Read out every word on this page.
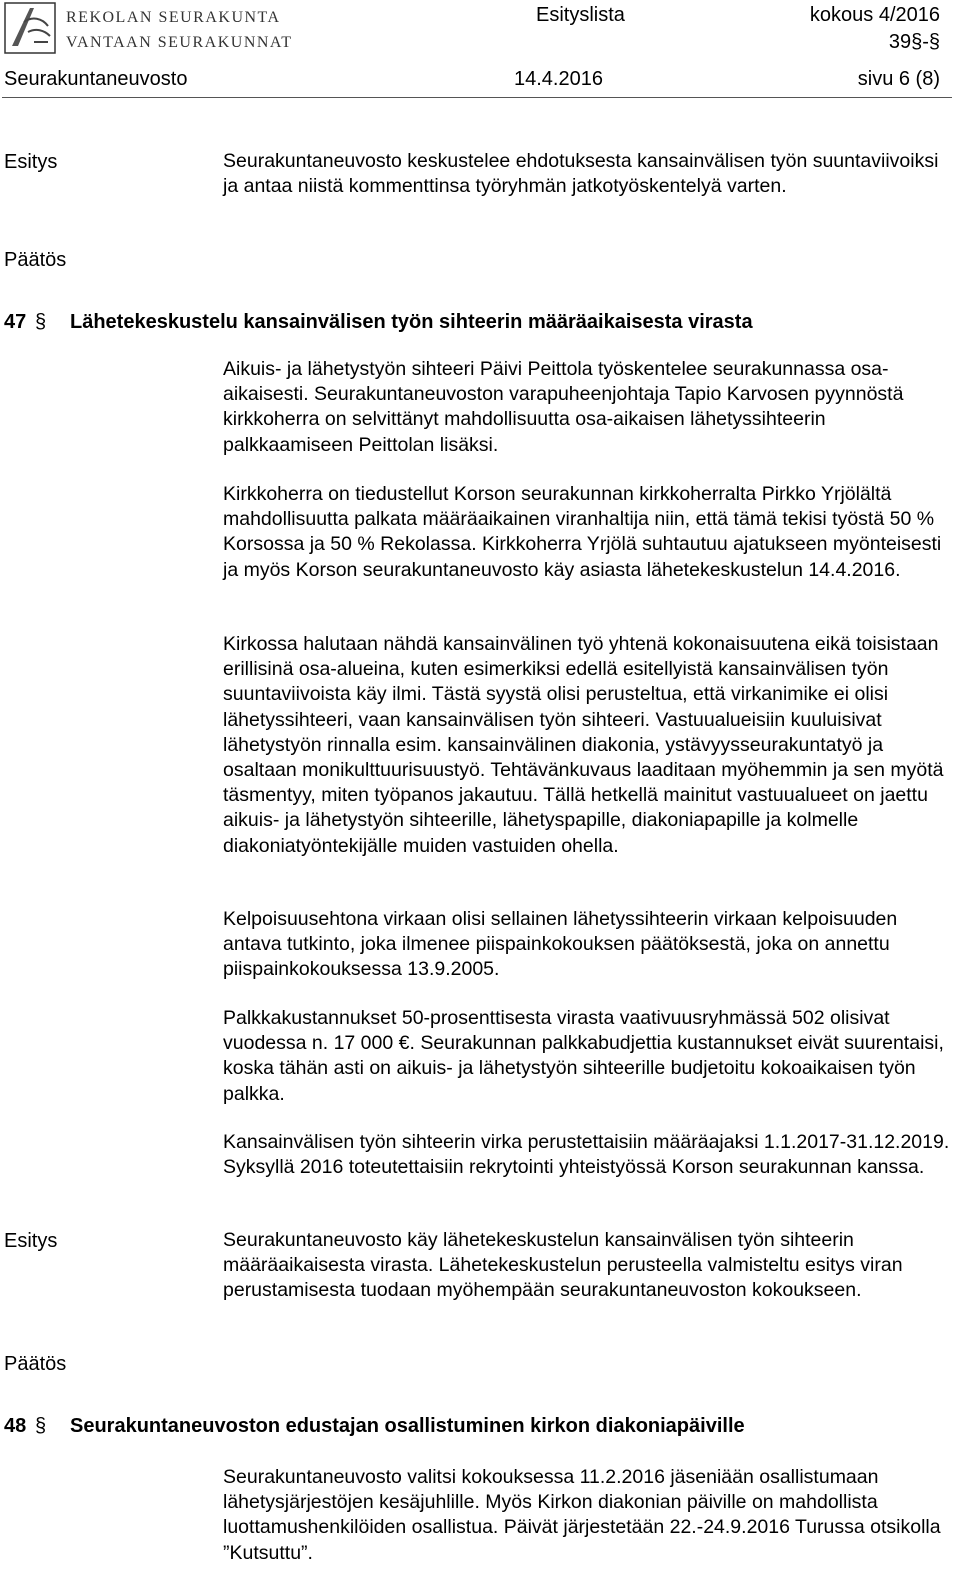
REKOLAN SEURAKUNTA
VANTAAN SEURAKUNNAT
Esityslista	kokous 4/2016
39§-§
Seurakuntaneuvosto	14.4.2016	sivu 6 (8)
Esitys	Seurakuntaneuvosto keskustelee ehdotuksesta kansainvälisen työn suuntaviivoiksi ja antaa niistä kommenttinsa työryhmän jatkotyöskentelyä varten.

Päätös
47 § Lähetekeskustelu kansainvälisen työn sihteerin määräaikaisesta virasta

Aikuis- ja lähetystyön sihteeri Päivi Peittola työskentelee seurakunnassa osa-aikaisesti. Seurakuntaneuvoston varapuheenjohtaja Tapio Karvosen pyynnöstä kirkkoherra on selvittänyt mahdollisuutta osa-aikaisen lähetyssihteerin palkkaamiseen Peittolan lisäksi.

Kirkkoherra on tiedustellut Korson seurakunnan kirkkoherralta Pirkko Yrjölältä mahdollisuutta palkata määräaikainen viranhaltija niin, että tämä tekisi työstä 50 % Korsossa ja 50 % Rekolassa. Kirkkoherra Yrjölä suhtautuu ajatukseen myönteisesti ja myös Korson seurakuntaneuvosto käy asiasta lähetekeskustelun 14.4.2016.

Kirkossa halutaan nähdä kansainvälinen työ yhtenä kokonaisuutena eikä toisistaan erillisinä osa-alueina, kuten esimerkiksi edellä esitellyistä kansainvälisen työn suuntaviivoista käy ilmi. Tästä syystä olisi perusteltua, että virkanimike ei olisi lähetyssihteeri, vaan kansainvälisen työn sihteeri. Vastuualueisiin kuuluisivat lähetystyön rinnalla esim. kansainvälinen diakonia, ystävyysseurakuntatyö ja osaltaan monikulttuurisuustyö. Tehtävänkuvaus laaditaan myöhemmin ja sen myötä täsmentyy, miten työpanos jakautuu. Tällä hetkellä mainitut vastuualueet on jaettu aikuis- ja lähetystyön sihteerille, lähetyspapille, diakoniapapille ja kolmelle diakoniatyöntekijälle muiden vastuiden ohella.

Kelpoisuusehtona virkaan olisi sellainen lähetyssihteerin virkaan kelpoisuuden antava tutkinto, joka ilmenee piispainkokouksen päätöksestä, joka on annettu piispainkokouksessa 13.9.2005.

Palkkakustannukset 50-prosenttisesta virasta vaativuusryhmässä 502 olisivat vuodessa n. 17 000 €. Seurakunnan palkkabudjettia kustannukset eivät suurentaisi, koska tähän asti on aikuis- ja lähetystyön sihteerille budjetoitu kokoaikaisen työn palkka.

Kansainvälisen työn sihteerin virka perustettaisiin määräajaksi 1.1.2017-31.12.2019. Syksyllä 2016 toteutettaisiin rekrytointi yhteistyössä Korson seurakunnan kanssa.

Esitys	Seurakuntaneuvosto käy lähetekeskustelun kansainvälisen työn sihteerin määräaikaisesta virasta. Lähetekeskustelun perusteella valmisteltu esitys viran perustamisesta tuodaan myöhempään seurakuntaneuvoston kokoukseen.

Päätös
48 § Seurakuntaneuvoston edustajan osallistuminen kirkon diakoniapäiville

Seurakuntaneuvosto valitsi kokouksessa 11.2.2016 jäseniään osallistumaan lähetysjärjestöjen kesäjuhlille. Myös Kirkon diakonian päiville on mahdollista luottamushenkilöiden osallistua. Päivät järjestetään 22.-24.9.2016 Turussa otsikolla ”Kutsuttu”.
